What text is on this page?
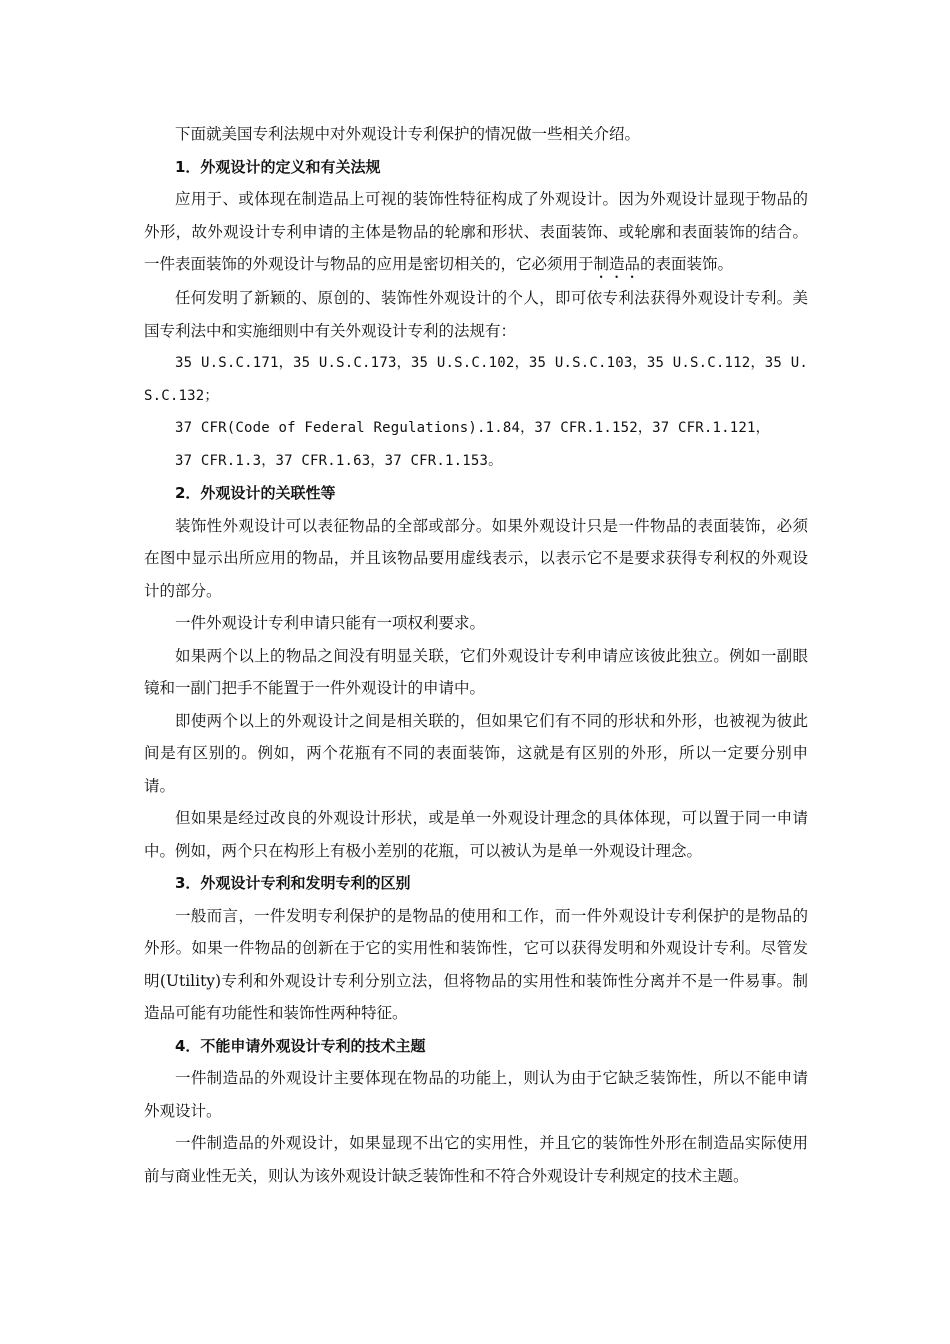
下面就美国专利法规中对外观设计专利保护的情况做一些相关介绍。

1．外观设计的定义和有关法规

应用于、或体现在制造品上可视的装饰性特征构成了外观设计。因为外观设计显现于物品的外形，故外观设计专利申请的主体是物品的轮廓和形状、表面装饰、或轮廓和表面装饰的结合。一件表面装饰的外观设计与物品的应用是密切相关的，它必须用于制造品的表面装饰。

任何发明了新颖的、原创的、装饰性外观设计的个人，即可依专利法获得外观设计专利。美国专利法中和实施细则中有关外观设计专利的法规有：

35 U.S.C.171，35 U.S.C.173，35 U.S.C.102，35 U.S.C.103，35 U.S.C.112，35 U.S.C.132；

37 CFR(Code of Federal Regulations).1.84，37 CFR.1.152，37 CFR.1.121，

37 CFR.1.3，37 CFR.1.63，37 CFR.1.153。

2．外观设计的关联性等

装饰性外观设计可以表征物品的全部或部分。如果外观设计只是一件物品的表面装饰，必须在图中显示出所应用的物品，并且该物品要用虚线表示，以表示它不是要求获得专利权的外观设计的部分。

一件外观设计专利申请只能有一项权利要求。

如果两个以上的物品之间没有明显关联，它们外观设计专利申请应该彼此独立。例如一副眼镜和一副门把手不能置于一件外观设计的申请中。

即使两个以上的外观设计之间是相关联的，但如果它们有不同的形状和外形，也被视为彼此间是有区别的。例如，两个花瓶有不同的表面装饰，这就是有区别的外形，所以一定要分别申请。

但如果是经过改良的外观设计形状，或是单一外观设计理念的具体体现，可以置于同一申请中。例如，两个只在构形上有极小差别的花瓶，可以被认为是单一外观设计理念。

3．外观设计专利和发明专利的区别

一般而言，一件发明专利保护的是物品的使用和工作，而一件外观设计专利保护的是物品的外形。如果一件物品的创新在于它的实用性和装饰性，它可以获得发明和外观设计专利。尽管发明(Utility)专利和外观设计专利分别立法，但将物品的实用性和装饰性分离并不是一件易事。制造品可能有功能性和装饰性两种特征。

4．不能申请外观设计专利的技术主题

一件制造品的外观设计主要体现在物品的功能上，则认为由于它缺乏装饰性，所以不能申请外观设计。

一件制造品的外观设计，如果显现不出它的实用性，并且它的装饰性外形在制造品实际使用前与商业性无关，则认为该外观设计缺乏装饰性和不符合外观设计专利规定的技术主题。
